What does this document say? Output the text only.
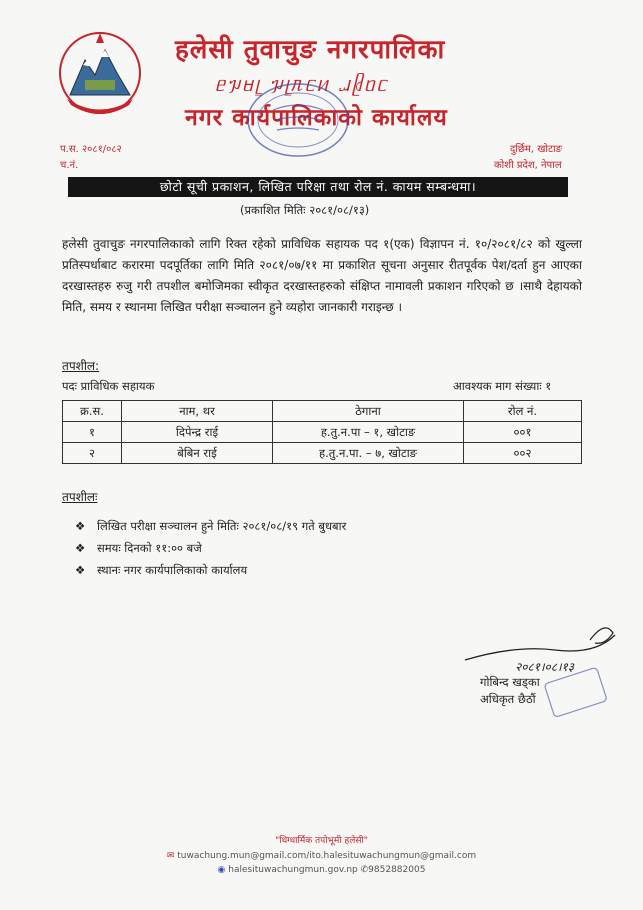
हलेसी तुवाचुङ नगरपालिका
ᥱᥭᥛᥧ ᥭᥧᥰᥴᥢ ᥘᥪᥝᥴ
नगर कार्यपालिकाको कार्यालय
प.स. २०८१/०८२
च.नं.
दुर्छिम, खोटाङ
कोशी प्रदेश, नेपाल
छोटो सूची प्रकाशन, लिखित परिक्षा तथा रोल नं. कायम सम्बन्धमा।
(प्रकाशित मितिः २०८१/०८/१३)
हलेसी तुवाचुङ नगरपालिकाको लागि रिक्त रहेको प्राविधिक सहायक पद १(एक) विज्ञापन नं. १०/२०८१/८२ को खुल्ला प्रतिस्पर्धाबाट करारमा पदपूर्तिका लागि मिति २०८१/०७/११ मा प्रकाशित सूचना अनुसार रीतपूर्वक पेश/दर्ता हुन आएका दरखास्तहरु रुजु गरी तपशील बमोजिमका स्वीकृत दरखास्तहरुको संक्षिप्त नामावली प्रकाशन गरिएको छ ।साथै देहायको मिति, समय र स्थानमा लिखित परीक्षा सञ्चालन हुने व्यहोरा जानकारी गराइन्छ ।
तपशील:
पदः प्राविधिक सहायक	आवश्यक माग संख्याः १
क्र.स.	नाम, थर	ठेगाना	रोल नं.
१	दिपेन्द्र राई	ह.तु.न.पा – १, खोटाङ	००१
२	बेबिन राई	ह.तु.न.पा. – ७, खोटाङ	००२
तपशीलः
❖ लिखित परीक्षा सञ्चालन हुने मितिः २०८१/०८/१९ गते बुधबार
❖ समयः दिनको ११:०० बजे
❖ स्थानः नगर कार्यपालिकाको कार्यालय
२०८१।०८।१३
गोबिन्द खड्का
अधिकृत छैठौं
"धिग्धार्मिक तपोभूमी हलेसी"
✉ tuwachung.mun@gmail.com/ito.halesituwachungmun@gmail.com
◉ halesituwachungmun.gov.np ✆9852882005
